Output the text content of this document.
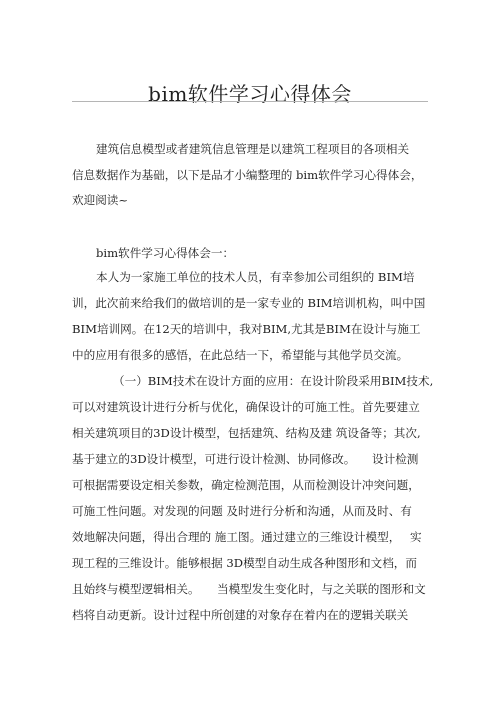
bim软件学习心得体会
建筑信息模型或者建筑信息管理是以建筑工程项目的各项相关
信息数据作为基础，以下是品才小编整理的 bim软件学习心得体会，
欢迎阅读~
bim软件学习心得体会一：
本人为一家施工单位的技术人员，有幸参加公司组织的 BIM培
训，此次前来给我们的做培训的是一家专业的 BIM培训机构，叫中国
BIM培训网。在12天的培训中，我对BIM,尤其是BIM在设计与施工
中的应用有很多的感悟，在此总结一下，希望能与其他学员交流。
（一）BIM技术在设计方面的应用：在设计阶段采用BIM技术,
可以对建筑设计进行分析与优化，确保设计的可施工性。首先要建立
相关建筑项目的3D设计模型，包括建筑、结构及建 筑设备等；其次,
基于建立的3D设计模型，可进行设计检测、协同修改。 设计检测
可根据需要设定相关参数，确定检测范围，从而检测设计冲突问题，
可施工性问题。对发现的问题 及时进行分析和沟通，从而及时、有
效地解决问题，得出合理的 施工图。通过建立的三维设计模型， 实
现工程的三维设计。能够根据 3D模型自动生成各种图形和文档，而
且始终与模型逻辑相关。 当模型发生变化时，与之关联的图形和文
档将自动更新。设计过程中所创建的对象存在着内在的逻辑关联关
